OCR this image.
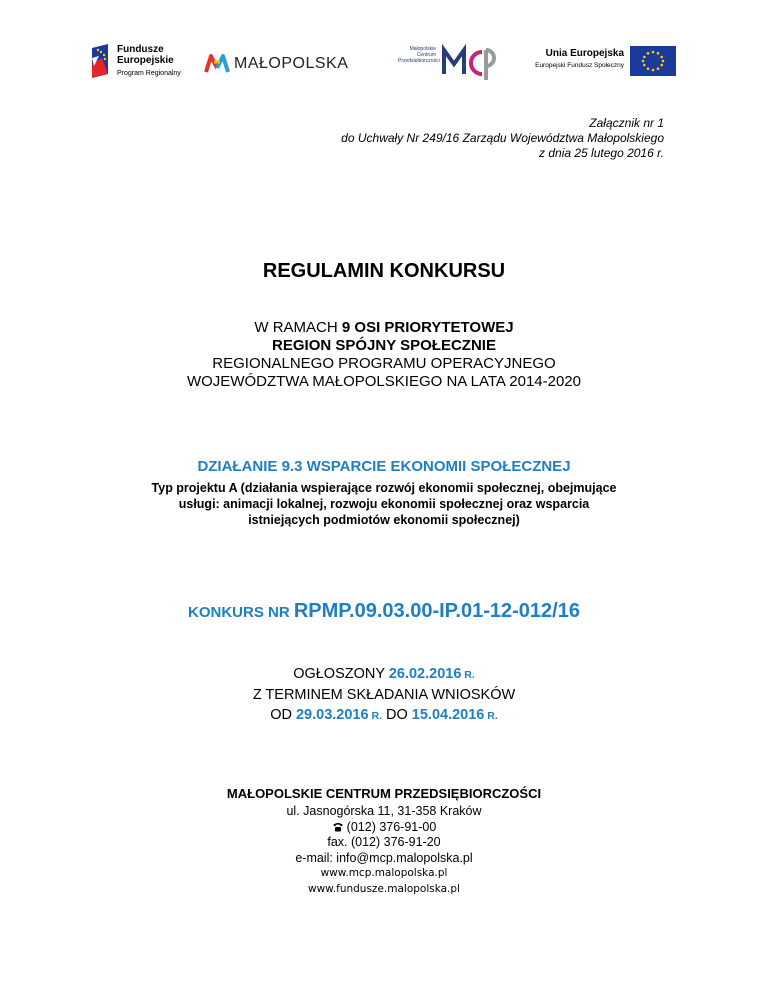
Fundusze
Europejskie
Program Regionalny
MAŁOPOLSKA
Małopolskie
Centrum
Przedsiębiorczości
Unia Europejska
Europejski Fundusz Społeczny
Załącznik nr 1
do Uchwały Nr 249/16 Zarządu Województwa Małopolskiego
z dnia 25 lutego 2016 r.
REGULAMIN KONKURSU
W RAMACH 9 OSI PRIORYTETOWEJ
REGION SPÓJNY SPOŁECZNIE
REGIONALNEGO PROGRAMU OPERACYJNEGO
WOJEWÓDZTWA MAŁOPOLSKIEGO NA LATA 2014-2020
DZIAŁANIE 9.3 WSPARCIE EKONOMII SPOŁECZNEJ
Typ projektu A (działania wspierające rozwój ekonomii społecznej, obejmujące
usługi: animacji lokalnej, rozwoju ekonomii społecznej oraz wsparcia
istniejących podmiotów ekonomii społecznej)
KONKURS NR RPMP.09.03.00-IP.01-12-012/16
OGŁOSZONY 26.02.2016 R.
Z TERMINEM SKŁADANIA WNIOSKÓW
OD 29.03.2016 R. DO 15.04.2016 R.
MAŁOPOLSKIE CENTRUM PRZEDSIĘBIORCZOŚCI
ul. Jasnogórska 11, 31-358 Kraków
(012) 376-91-00
fax. (012) 376-91-20
e-mail: info@mcp.malopolska.pl
www.mcp.malopolska.pl
www.fundusze.malopolska.pl
